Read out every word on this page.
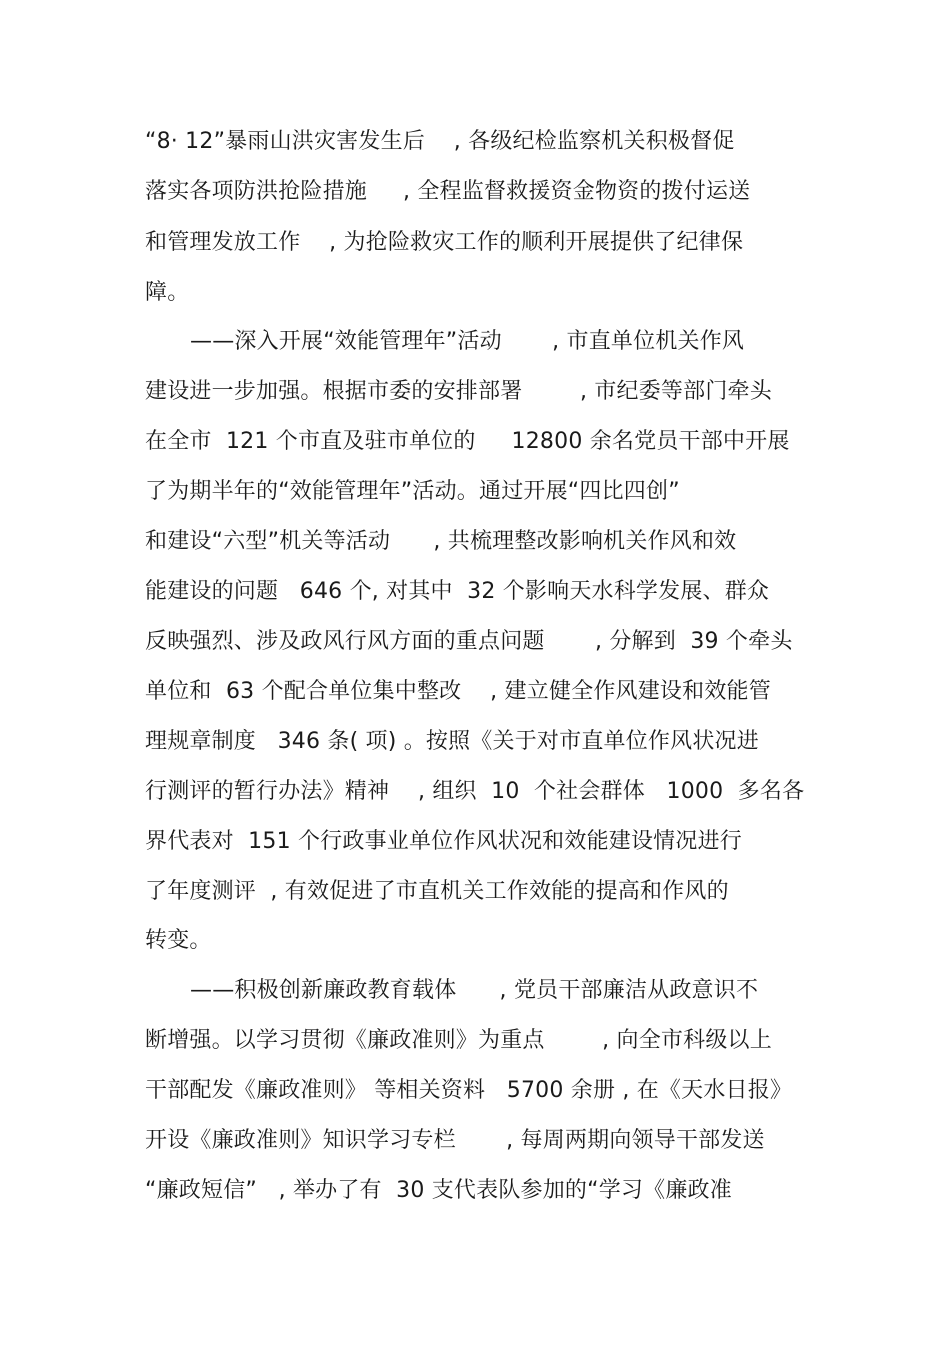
“8· 12”暴雨山洪灾害发生后    , 各级纪检监察机关积极督促
落实各项防洪抢险措施     , 全程监督救援资金物资的拨付运送
和管理发放工作    , 为抢险救灾工作的顺利开展提供了纪律保
障。
——深入开展“效能管理年”活动       , 市直单位机关作风
建设进一步加强。根据市委的安排部署        , 市纪委等部门牵头
在全市  121 个市直及驻市单位的     12800 余名党员干部中开展
了为期半年的“效能管理年”活动。通过开展“四比四创”
和建设“六型”机关等活动      , 共梳理整改影响机关作风和效
能建设的问题   646 个, 对其中  32 个影响天水科学发展、群众
反映强烈、涉及政风行风方面的重点问题       , 分解到  39 个牵头
单位和  63 个配合单位集中整改    , 建立健全作风建设和效能管
理规章制度   346 条( 项) 。按照《关于对市直单位作风状况进
行测评的暂行办法》精神    , 组织  10  个社会群体   1000  多名各
界代表对  151 个行政事业单位作风状况和效能建设情况进行
了年度测评  , 有效促进了市直机关工作效能的提高和作风的
转变。
——积极创新廉政教育载体      , 党员干部廉洁从政意识不
断增强。以学习贯彻《廉政准则》为重点        , 向全市科级以上
干部配发《廉政准则》 等相关资料   5700 余册 , 在《天水日报》
开设《廉政准则》知识学习专栏       , 每周两期向领导干部发送
“廉政短信”   , 举办了有  30 支代表队参加的“学习《廉政准
